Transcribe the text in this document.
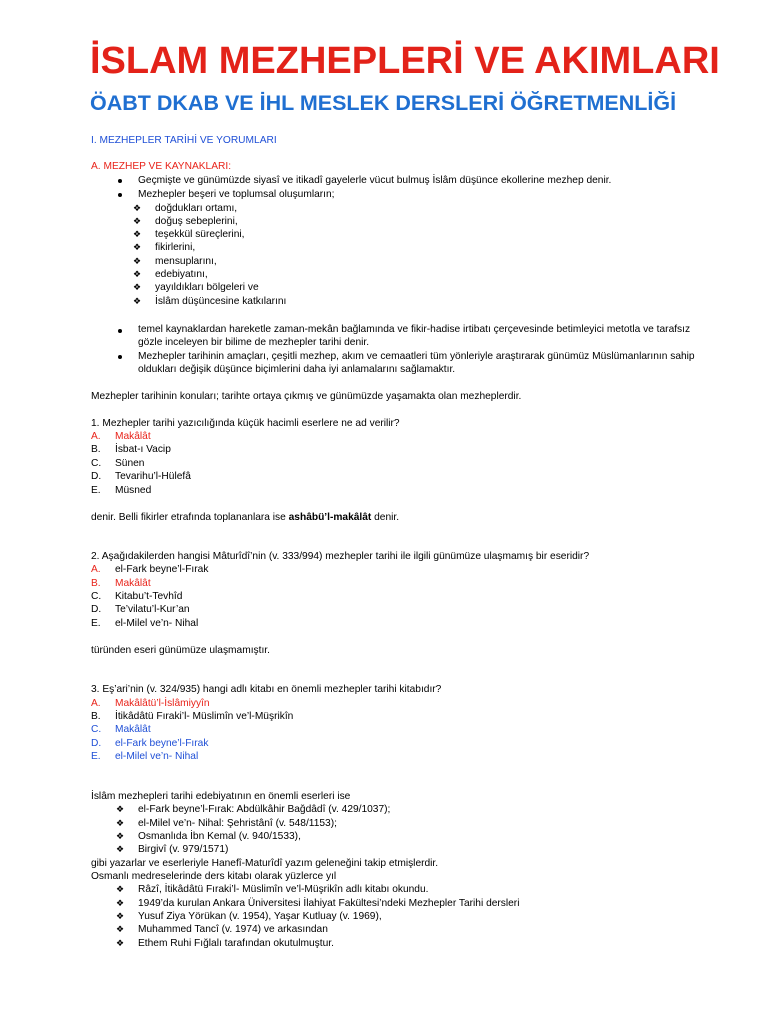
İSLAM MEZHEPLERİ VE AKIMLARI
ÖABT DKAB VE İHL MESLEK DERSLERİ ÖĞRETMENLİĞİ
I. MEZHEPLER TARİHİ VE YORUMLARI
A. MEZHEP VE KAYNAKLARI:
Geçmişte ve günümüzde siyasî ve itikadî gayelerle vücut bulmuş İslâm düşünce ekollerine mezhep denir.
Mezhepler beşeri ve toplumsal oluşumların;
❖ doğdukları ortamı,
❖ doğuş sebeplerini,
❖ teşekkül süreçlerini,
❖ fikirlerini,
❖ mensuplarını,
❖ edebiyatını,
❖ yayıldıkları bölgeleri ve
❖ İslâm düşüncesine katkılarını
temel kaynaklardan hareketle zaman-mekân bağlamında ve fikir-hadise irtibatı çerçevesinde betimleyici metotla ve tarafsız
gözle inceleyen bir bilime de mezhepler tarihi denir.
Mezhepler tarihinin amaçları, çeşitli mezhep, akım ve cemaatleri tüm yönleriyle araştırarak günümüz Müslümanlarının sahip
oldukları değişik düşünce biçimlerini daha iyi anlamalarını sağlamaktır.
Mezhepler tarihinin konuları; tarihte ortaya çıkmış ve günümüzde yaşamakta olan mezheplerdir.
1. Mezhepler tarihi yazıcılığında küçük hacimli eserlere ne ad verilir?
A. Makâlât
B. İsbat-ı Vacip
C. Sünen
D. Tevarihu’l-Hülefâ
E. Müsned
denir. Belli fikirler etrafında toplananlara ise ashâbü’l-makâlât denir.
2. Aşağıdakilerden hangisi Mâturîdî’nin (v. 333/994) mezhepler tarihi ile ilgili günümüze ulaşmamış bir eseridir?
A. el-Fark beyne’l-Fırak
B. Makâlât
C. Kitabu’t-Tevhîd
D. Te’vilatu’l-Kur’an
E. el-Milel ve’n- Nihal
türünden eseri günümüze ulaşmamıştır.
3. Eş’ari’nin (v. 324/935) hangi adlı kitabı en önemli mezhepler tarihi kitabıdır?
A. Makâlâtü’l-İslâmiyyîn
B. İtikâdâtü Fıraki’l- Müslimîn ve’l-Müşrikîn
C. Makâlât
D. el-Fark beyne’l-Fırak
E. el-Milel ve’n- Nihal
İslâm mezhepleri tarihi edebiyatının en önemli eserleri ise
❖ el-Fark beyne’l-Fırak: Abdülkâhir Bağdâdî (v. 429/1037);
❖ el-Milel ve’n- Nihal: Şehristânî (v. 548/1153);
❖ Osmanlıda İbn Kemal (v. 940/1533),
❖ Birgivî (v. 979/1571)
gibi yazarlar ve eserleriyle Hanefî-Maturîdî yazım geleneğini takip etmişlerdir.
Osmanlı medreselerinde ders kitabı olarak yüzlerce yıl
❖ Râzî, İtikâdâtü Fıraki’l- Müslimîn ve’l-Müşrikîn adlı kitabı okundu.
❖ 1949’da kurulan Ankara Üniversitesi İlahiyat Fakültesi’ndeki Mezhepler Tarihi dersleri
❖ Yusuf Ziya Yörükan (v. 1954), Yaşar Kutluay (v. 1969),
❖ Muhammed Tancî (v. 1974) ve arkasından
❖ Ethem Ruhi Fığlalı tarafından okutulmuştur.
